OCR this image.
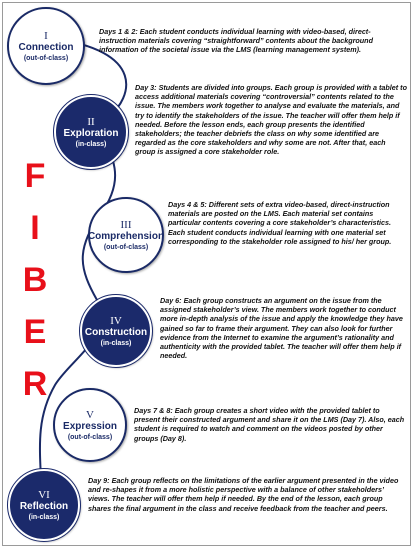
F
I
B
E
R
I
Connection
(out-of-class)
Days 1 & 2: Each student conducts individual learning with video-based, direct-instruction materials covering “straightforward” contents about the background information of the societal issue via the LMS (learning management system).
II
Exploration
(in-class)
Day 3: Students are divided into groups. Each group is provided with a tablet to access additional materials covering “controversial” contents related to the issue. The members work together to analyse and evaluate the materials, and try to identify the stakeholders of the issue. The teacher will offer them help if needed. Before the lesson ends, each group presents the identified stakeholders; the teacher debriefs the class on why some identified are regarded as the core stakeholders and why some are not. After that, each group is assigned a core stakeholder role.
III
Comprehension
(out-of-class)
Days 4 & 5: Different sets of extra video-based, direct-instruction materials are posted on the LMS. Each material set contains particular contents covering a core stakeholder’s characteristics. Each student conducts individual learning with one material set corresponding to the stakeholder role assigned to his/ her group.
IV
Construction
(in-class)
Day 6: Each group constructs an argument on the issue from the assigned stakeholder’s view. The members work together to conduct more in-depth analysis of the issue and apply the knowledge they have gained so far to frame their argument. They can also look for further evidence from the Internet to examine the argument’s rationality and authenticity with the provided tablet. The teacher will offer them help if needed.
V
Expression
(out-of-class)
Days 7 & 8: Each group creates a short video with the provided tablet to present their constructed argument and share it on the LMS (Day 7). Also, each student is required to watch and comment on the videos posted by other groups (Day 8).
VI
Reflection
(in-class)
Day 9: Each group reflects on the limitations of the earlier argument presented in the video and re-shapes it from a more holistic perspective with a balance of other stakeholders’ views. The teacher will offer them help if needed. By the end of the lesson, each group shares the final argument in the class and receive feedback from the teacher and peers.
